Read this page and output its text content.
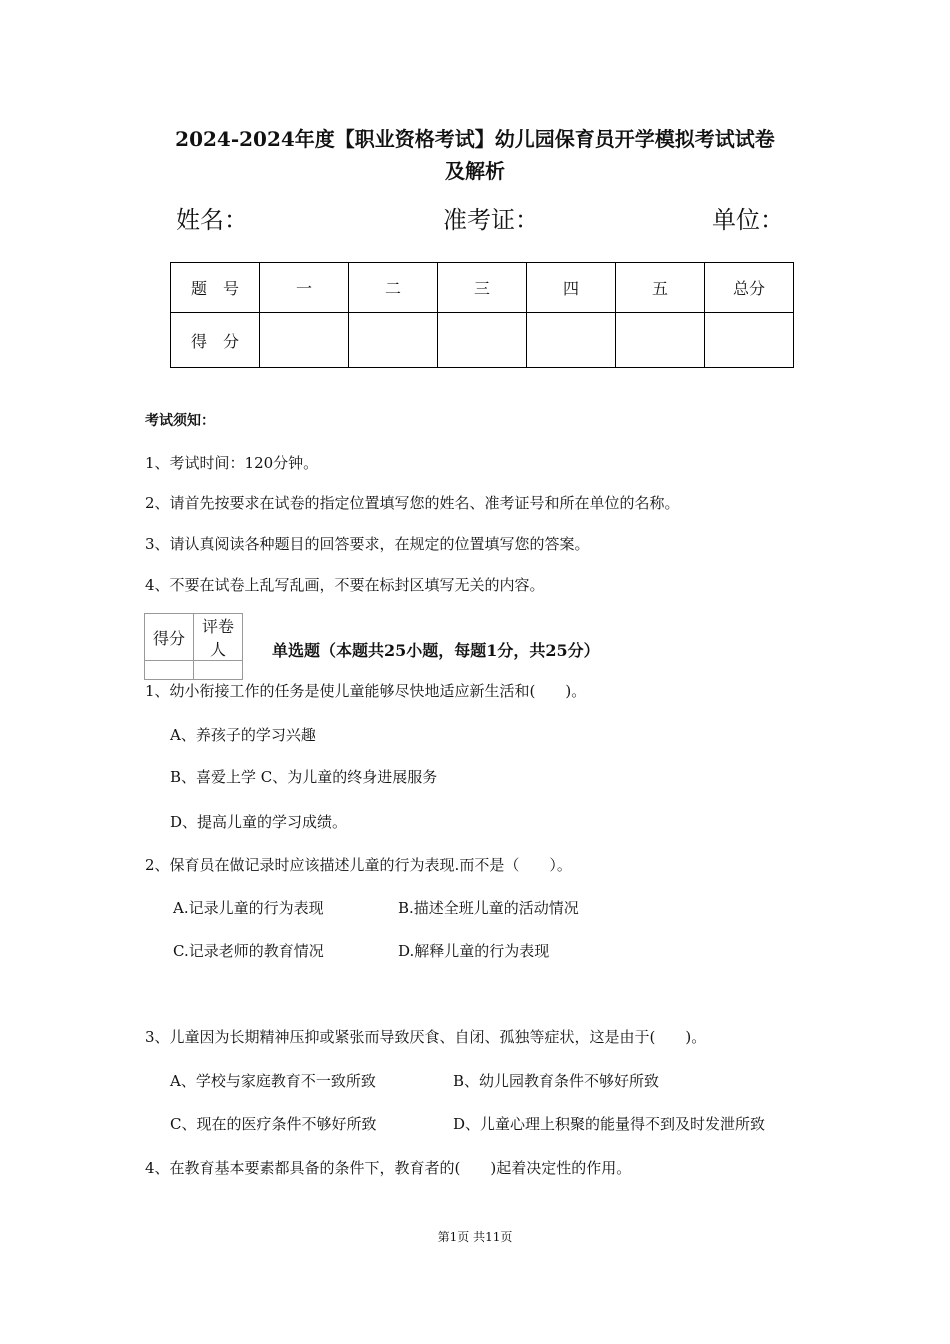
2024-2024年度【职业资格考试】幼儿园保育员开学模拟考试试卷
及解析
姓名：	准考证：	单位：
题　号	一	二	三	四	五	总分
得　分						
考试须知：
1、考试时间：120分钟。
2、请首先按要求在试卷的指定位置填写您的姓名、准考证号和所在单位的名称。
3、请认真阅读各种题目的回答要求，在规定的位置填写您的答案。
4、不要在试卷上乱写乱画，不要在标封区填写无关的内容。
得分	评卷人
		单选题（本题共25小题，每题1分，共25分）
1、幼小衔接工作的任务是使儿童能够尽快地适应新生活和(　　)。
A、养孩子的学习兴趣
B、喜爱上学 C、为儿童的终身进展服务
D、提高儿童的学习成绩。
2、保育员在做记录时应该描述儿童的行为表现.而不是（　　）。
A.记录儿童的行为表现	B.描述全班儿童的活动情况
C.记录老师的教育情况	D.解释儿童的行为表现
3、儿童因为长期精神压抑或紧张而导致厌食、自闭、孤独等症状，这是由于(　　)。
A、学校与家庭教育不一致所致	B、幼儿园教育条件不够好所致
C、现在的医疗条件不够好所致	D、儿童心理上积聚的能量得不到及时发泄所致
4、在教育基本要素都具备的条件下，教育者的(　　)起着决定性的作用。
第1页 共11页
